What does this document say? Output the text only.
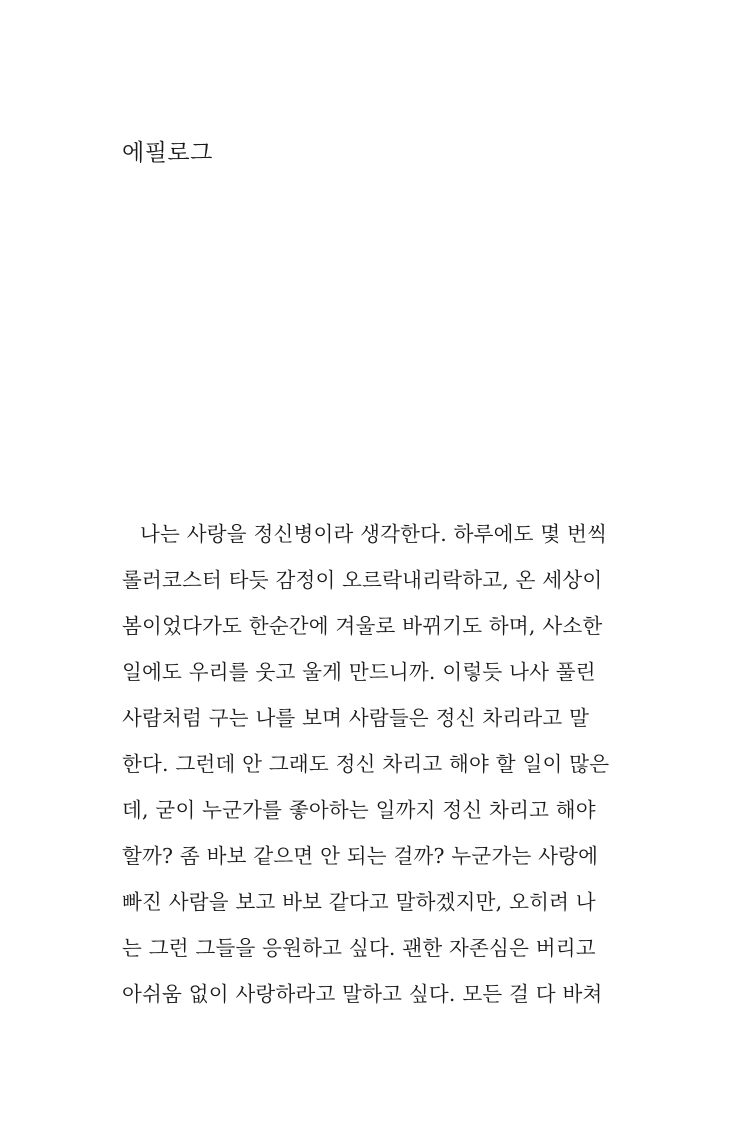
에필로그
나는 사랑을 정신병이라 생각한다. 하루에도 몇 번씩
롤러코스터 타듯 감정이 오르락내리락하고, 온 세상이
봄이었다가도 한순간에 겨울로 바뀌기도 하며, 사소한
일에도 우리를 웃고 울게 만드니까. 이렇듯 나사 풀린
사람처럼 구는 나를 보며 사람들은 정신 차리라고 말
한다. 그런데 안 그래도 정신 차리고 해야 할 일이 많은
데, 굳이 누군가를 좋아하는 일까지 정신 차리고 해야
할까? 좀 바보 같으면 안 되는 걸까? 누군가는 사랑에
빠진 사람을 보고 바보 같다고 말하겠지만, 오히려 나
는 그런 그들을 응원하고 싶다. 괜한 자존심은 버리고
아쉬움 없이 사랑하라고 말하고 싶다. 모든 걸 다 바쳐
